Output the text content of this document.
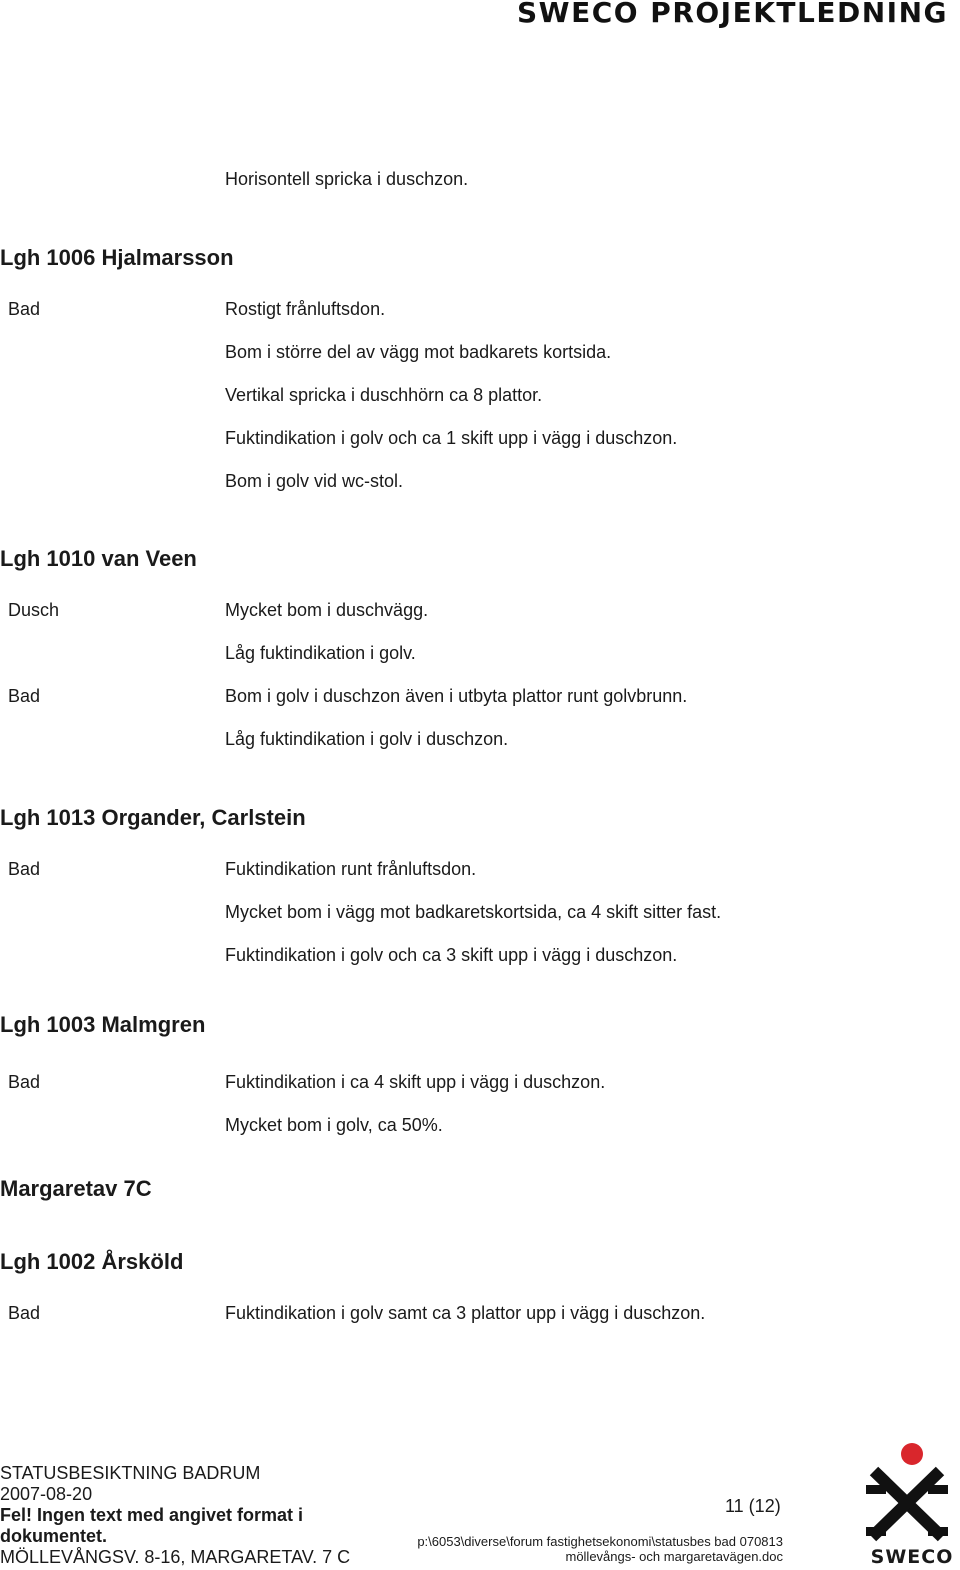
SWECO PROJEKTLEDNING
Horisontell spricka i duschzon.
Lgh 1006 Hjalmarsson
Bad	Rostigt frånluftsdon.
Bom i större del av vägg mot badkarets kortsida.
Vertikal spricka i duschhörn ca 8 plattor.
Fuktindikation i golv och ca 1 skift upp i vägg i duschzon.
Bom i golv vid wc-stol.
Lgh 1010 van Veen
Dusch	Mycket bom i duschvägg.
Låg fuktindikation i golv.
Bad	Bom i golv i duschzon även i utbyta plattor runt golvbrunn.
Låg fuktindikation i golv i duschzon.
Lgh 1013 Organder, Carlstein
Bad	Fuktindikation runt frånluftsdon.
Mycket bom i vägg mot badkaretskortsida, ca 4 skift sitter fast.
Fuktindikation i golv och ca 3 skift upp i vägg i duschzon.
Lgh 1003 Malmgren
Bad	Fuktindikation i ca 4 skift upp i vägg i duschzon.
Mycket bom i golv, ca 50%.
Margaretav 7C
Lgh 1002 Årsköld
Bad	Fuktindikation i golv samt ca 3 plattor upp i vägg i duschzon.
STATUSBESIKTNING BADRUM
2007-08-20
Fel! Ingen text med angivet format i
dokumentet.
MÖLLEVÅNGSV. 8-16, MARGARETAV. 7 C
11 (12)
p:\6053\diverse\forum fastighetsekonomi\statusbes bad 070813
möllevångs- och margaretavägen.doc	SWECO
